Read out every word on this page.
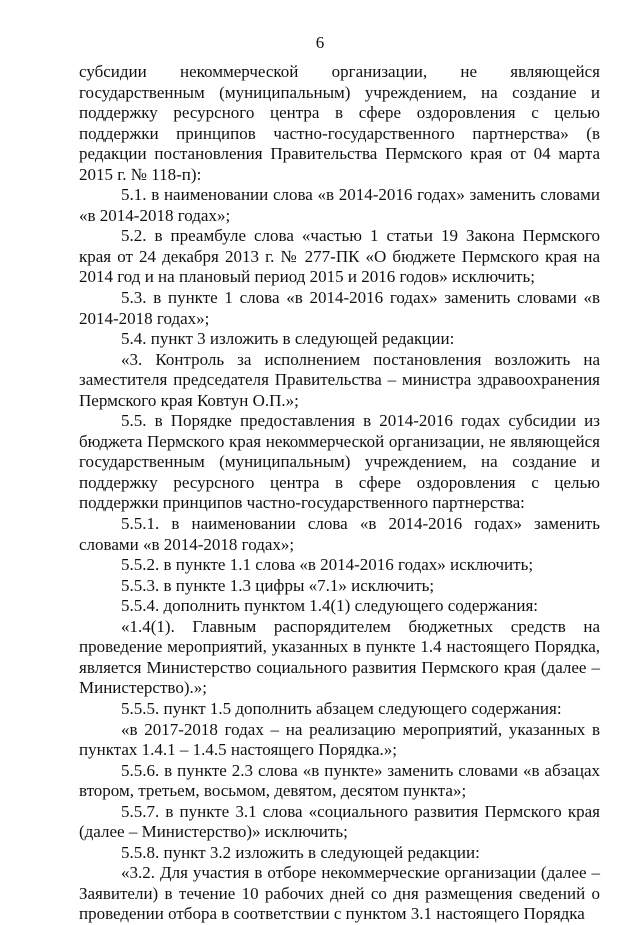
6

субсидии некоммерческой организации, не являющейся государственным (муниципальным) учреждением, на создание и поддержку ресурсного центра в сфере оздоровления с целью поддержки принципов частно-государственного партнерства» (в редакции постановления Правительства Пермского края от 04 марта 2015 г. № 118-п):

5.1. в наименовании слова «в 2014-2016 годах» заменить словами «в 2014-2018 годах»;

5.2. в преамбуле слова «частью 1 статьи 19 Закона Пермского края от 24 декабря 2013 г. № 277-ПК «О бюджете Пермского края на 2014 год и на плановый период 2015 и 2016 годов» исключить;

5.3. в пункте 1 слова «в 2014-2016 годах» заменить словами «в 2014-2018 годах»;

5.4. пункт 3 изложить в следующей редакции:

«3. Контроль за исполнением постановления возложить на заместителя председателя Правительства – министра здравоохранения Пермского края Ковтун О.П.»;

5.5. в Порядке предоставления в 2014-2016 годах субсидии из бюджета Пермского края некоммерческой организации, не являющейся государственным (муниципальным) учреждением, на создание и поддержку ресурсного центра в сфере оздоровления с целью поддержки принципов частно-государственного партнерства:

5.5.1. в наименовании слова «в 2014-2016 годах» заменить словами «в 2014-2018 годах»;

5.5.2. в пункте 1.1 слова «в 2014-2016 годах» исключить;

5.5.3. в пункте 1.3 цифры «7.1» исключить;

5.5.4. дополнить пунктом 1.4(1) следующего содержания:

«1.4(1). Главным распорядителем бюджетных средств на проведение мероприятий, указанных в пункте 1.4 настоящего Порядка, является Министерство социального развития Пермского края (далее – Министерство).»;

5.5.5. пункт 1.5 дополнить абзацем следующего содержания:

«в 2017-2018 годах – на реализацию мероприятий, указанных в пунктах 1.4.1 – 1.4.5 настоящего Порядка.»;

5.5.6. в пункте 2.3 слова «в пункте» заменить словами «в абзацах втором, третьем, восьмом, девятом, десятом пункта»;

5.5.7. в пункте 3.1 слова «социального развития Пермского края (далее – Министерство)» исключить;

5.5.8. пункт 3.2 изложить в следующей редакции:

«3.2. Для участия в отборе некоммерческие организации (далее – Заявители) в течение 10 рабочих дней со дня размещения сведений о проведении отбора в соответствии с пунктом 3.1 настоящего Порядка
